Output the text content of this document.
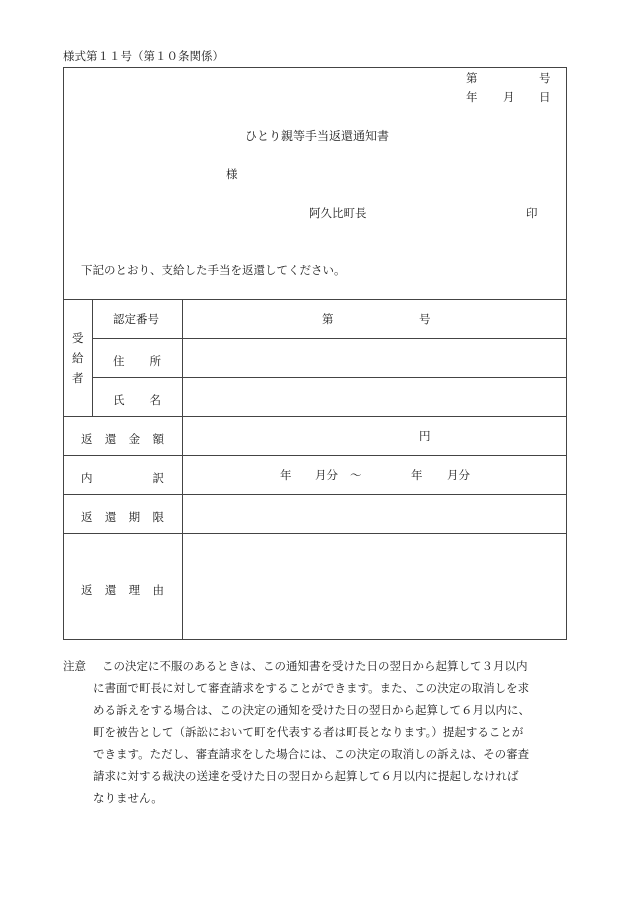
様式第１１号（第１０条関係）
第	号
年 月 日
ひとり親等手当返還通知書
様
阿久比町長	印
下記のとおり、支給した手当を返還してください。
受
給
者
認定番号	第	号
住 所
氏 名
返 還 金 額	円
内	訳	年 月分 ～	年 月分
返 還 期 限
返 還 理 由
注意	この決定に不服のあるときは、この通知書を受けた日の翌日から起算して３月以内
に書面で町長に対して審査請求をすることができます。また、この決定の取消しを求
める訴えをする場合は、この決定の通知を受けた日の翌日から起算して６月以内に、
町を被告として（訴訟において町を代表する者は町長となります。）提起することが
できます。ただし、審査請求をした場合には、この決定の取消しの訴えは、その審査
請求に対する裁決の送達を受けた日の翌日から起算して６月以内に提起しなければ
なりません。
